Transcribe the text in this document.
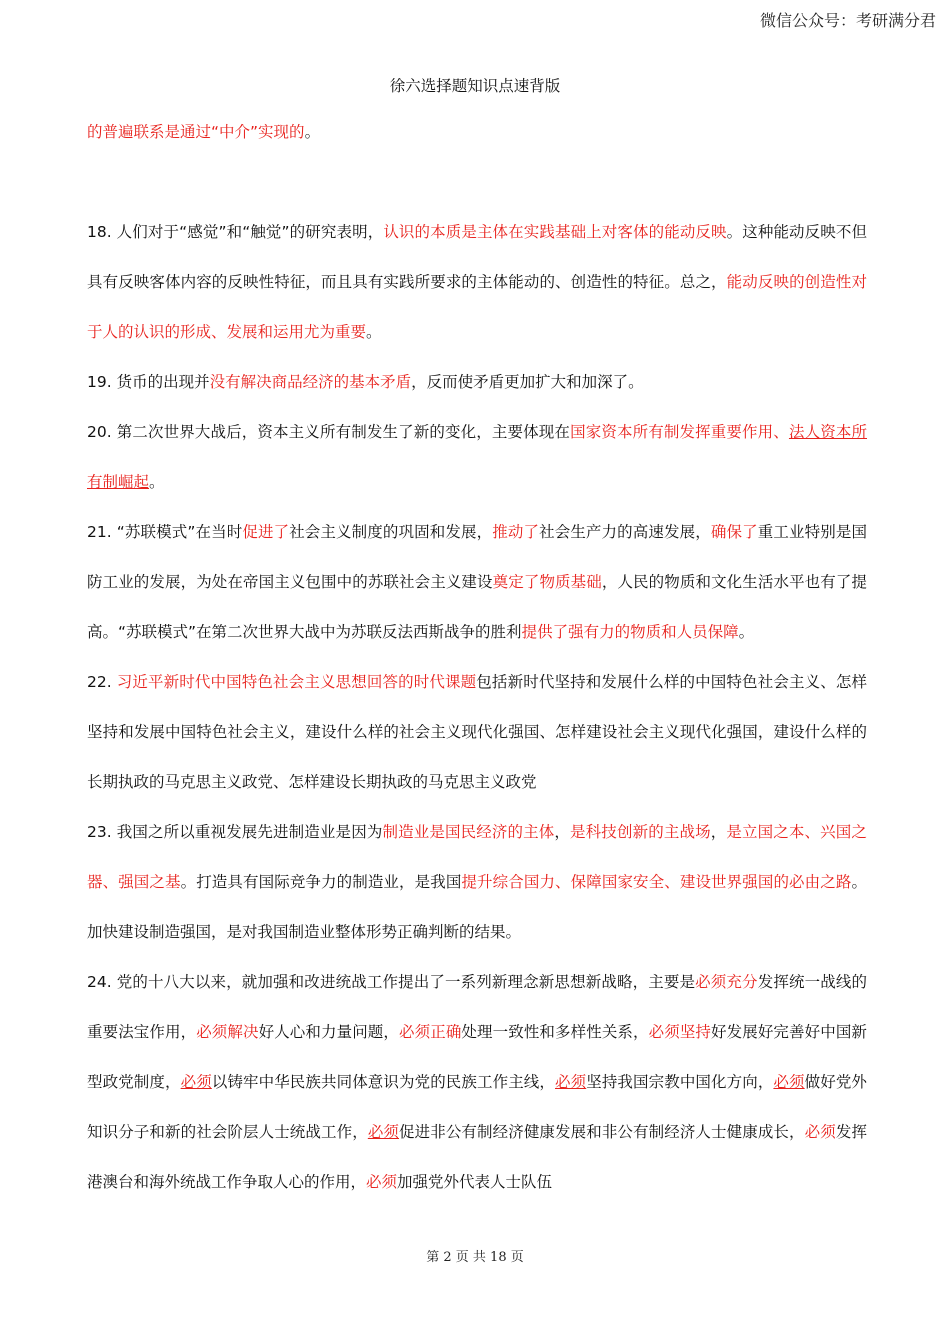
微信公众号：考研满分君
徐六选择题知识点速背版

的普遍联系是通过“中介”实现的。

18. 人们对于“感觉”和“触觉”的研究表明，认识的本质是主体在实践基础上对客体的能动反映。这种能动反映不但具有反映客体内容的反映性特征，而且具有实践所要求的主体能动的、创造性的特征。总之，能动反映的创造性对于人的认识的形成、发展和运用尤为重要。

19. 货币的出现并没有解决商品经济的基本矛盾，反而使矛盾更加扩大和加深了。

20. 第二次世界大战后，资本主义所有制发生了新的变化，主要体现在国家资本所有制发挥重要作用、法人资本所有制崛起。

21. “苏联模式”在当时促进了社会主义制度的巩固和发展，推动了社会生产力的高速发展，确保了重工业特别是国防工业的发展，为处在帝国主义包围中的苏联社会主义建设奠定了物质基础，人民的物质和文化生活水平也有了提高。“苏联模式”在第二次世界大战中为苏联反法西斯战争的胜利提供了强有力的物质和人员保障。

22. 习近平新时代中国特色社会主义思想回答的时代课题包括新时代坚持和发展什么样的中国特色社会主义、怎样坚持和发展中国特色社会主义，建设什么样的社会主义现代化强国、怎样建设社会主义现代化强国，建设什么样的长期执政的马克思主义政党、怎样建设长期执政的马克思主义政党

23. 我国之所以重视发展先进制造业是因为制造业是国民经济的主体，是科技创新的主战场，是立国之本、兴国之器、强国之基。打造具有国际竞争力的制造业，是我国提升综合国力、保障国家安全、建设世界强国的必由之路。加快建设制造强国，是对我国制造业整体形势正确判断的结果。

24. 党的十八大以来，就加强和改进统战工作提出了一系列新理念新思想新战略，主要是必须充分发挥统一战线的重要法宝作用，必须解决好人心和力量问题，必须正确处理一致性和多样性关系，必须坚持好发展好完善好中国新型政党制度，必须以铸牢中华民族共同体意识为党的民族工作主线，必须坚持我国宗教中国化方向，必须做好党外知识分子和新的社会阶层人士统战工作，必须促进非公有制经济健康发展和非公有制经济人士健康成长，必须发挥港澳台和海外统战工作争取人心的作用，必须加强党外代表人士队伍

第 2 页 共 18 页
